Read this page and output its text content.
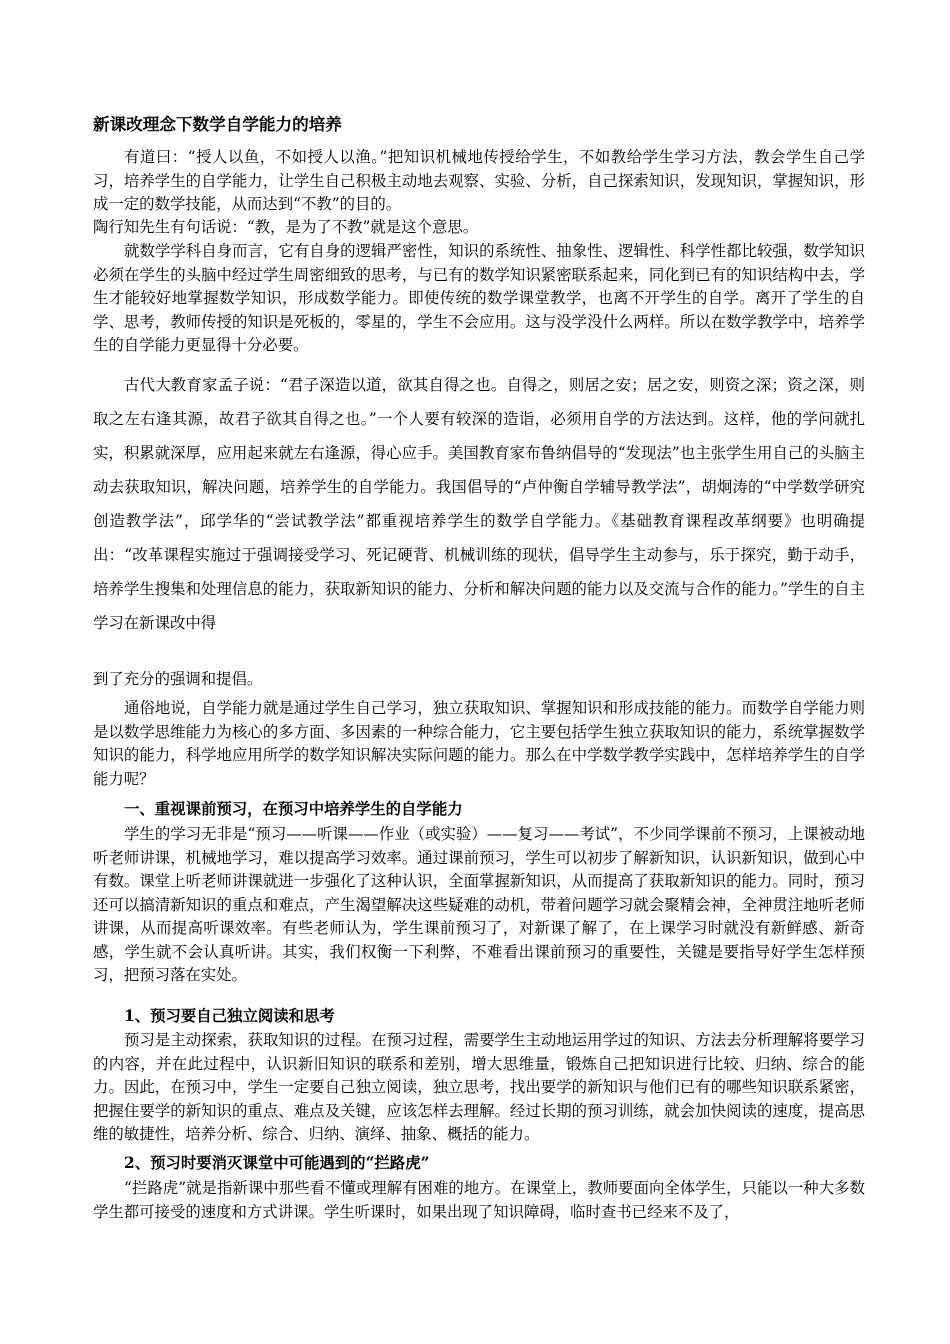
新课改理念下数学自学能力的培养
有道曰：“授人以鱼，不如授人以渔。”把知识机械地传授给学生，不如教给学生学习方法，教会学生自己学习，培养学生的自学能力，让学生自己积极主动地去观察、实验、分析，自己探索知识，发现知识，掌握知识，形成一定的数学技能，从而达到“不教”的目的。
陶行知先生有句话说：“教，是为了不教”就是这个意思。
就数学学科自身而言，它有自身的逻辑严密性，知识的系统性、抽象性、逻辑性、科学性都比较强，数学知识必须在学生的头脑中经过学生周密细致的思考，与已有的数学知识紧密联系起来，同化到已有的知识结构中去，学生才能较好地掌握数学知识，形成数学能力。即使传统的数学课堂教学，也离不开学生的自学。离开了学生的自学、思考，教师传授的知识是死板的，零星的，学生不会应用。这与没学没什么两样。所以在数学教学中，培养学生的自学能力更显得十分必要。
古代大教育家孟子说：“君子深造以道，欲其自得之也。自得之，则居之安；居之安，则资之深；资之深，则取之左右逢其源，故君子欲其自得之也。”一个人要有较深的造诣，必须用自学的方法达到。这样，他的学问就扎实，积累就深厚，应用起来就左右逢源，得心应手。美国教育家布鲁纳倡导的“发现法”也主张学生用自己的头脑主动去获取知识，解决问题，培养学生的自学能力。我国倡导的“卢仲衡自学辅导教学法”，胡炯涛的“中学数学研究创造教学法”，邱学华的“尝试教学法”都重视培养学生的数学自学能力。《基础教育课程改革纲要》也明确提出：“改革课程实施过于强调接受学习、死记硬背、机械训练的现状，倡导学生主动参与，乐于探究，勤于动手，培养学生搜集和处理信息的能力，获取新知识的能力、分析和解决问题的能力以及交流与合作的能力。”学生的自主学习在新课改中得
到了充分的强调和提倡。
通俗地说，自学能力就是通过学生自己学习，独立获取知识、掌握知识和形成技能的能力。而数学自学能力则是以数学思维能力为核心的多方面、多因素的一种综合能力，它主要包括学生独立获取知识的能力，系统掌握数学知识的能力，科学地应用所学的数学知识解决实际问题的能力。那么在中学数学教学实践中，怎样培养学生的自学能力呢？
一、重视课前预习，在预习中培养学生的自学能力
学生的学习无非是“预习——听课——作业（或实验）——复习——考试”，不少同学课前不预习，上课被动地听老师讲课，机械地学习，难以提高学习效率。通过课前预习，学生可以初步了解新知识，认识新知识，做到心中有数。课堂上听老师讲课就进一步强化了这种认识，全面掌握新知识，从而提高了获取新知识的能力。同时，预习还可以搞清新知识的重点和难点，产生渴望解决这些疑难的动机，带着问题学习就会聚精会神，全神贯注地听老师讲课，从而提高听课效率。有些老师认为，学生课前预习了，对新课了解了，在上课学习时就没有新鲜感、新奇感，学生就不会认真听讲。其实，我们权衡一下利弊，不难看出课前预习的重要性，关键是要指导好学生怎样预习，把预习落在实处。
1、预习要自己独立阅读和思考
预习是主动探索，获取知识的过程。在预习过程，需要学生主动地运用学过的知识、方法去分析理解将要学习的内容，并在此过程中，认识新旧知识的联系和差别，增大思维量，锻炼自己把知识进行比较、归纳、综合的能力。因此，在预习中，学生一定要自己独立阅读，独立思考，找出要学的新知识与他们已有的哪些知识联系紧密，把握住要学的新知识的重点、难点及关键，应该怎样去理解。经过长期的预习训练，就会加快阅读的速度，提高思维的敏捷性，培养分析、综合、归纳、演绎、抽象、概括的能力。
2、预习时要消灭课堂中可能遇到的“拦路虎”
“拦路虎”就是指新课中那些看不懂或理解有困难的地方。在课堂上，教师要面向全体学生，只能以一种大多数学生都可接受的速度和方式讲课。学生听课时，如果出现了知识障碍，临时查书已经来不及了，
